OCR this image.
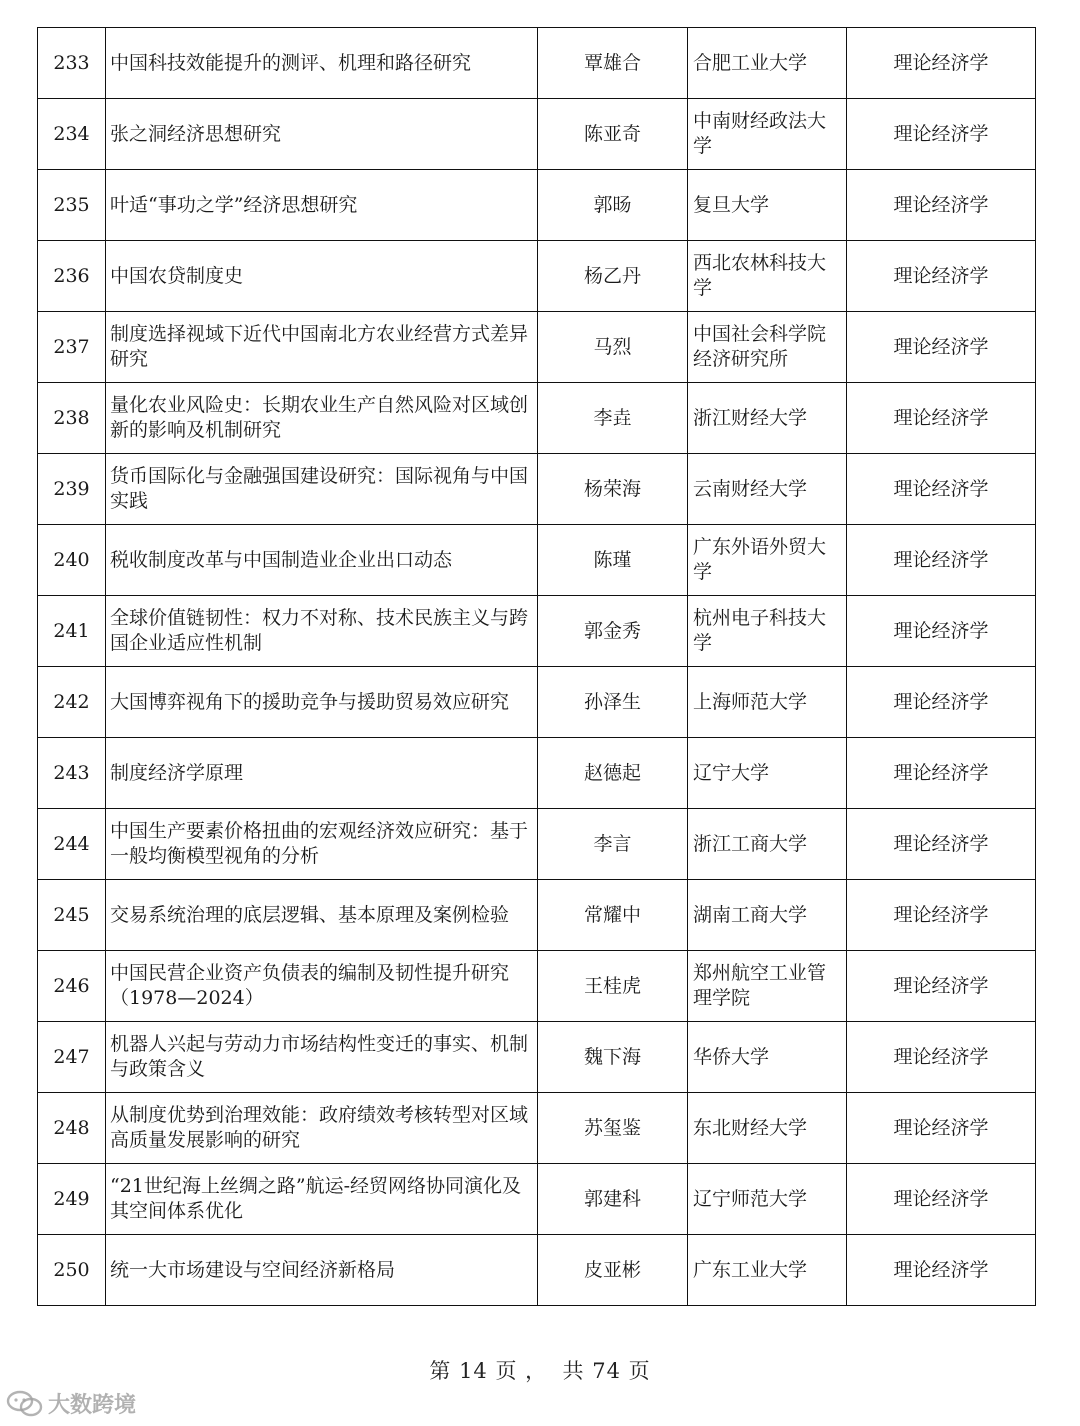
233	中国科技效能提升的测评、机理和路径研究	覃雄合	合肥工业大学	理论经济学
234	张之洞经济思想研究	陈亚奇	中南财经政法大学	理论经济学
235	叶适“事功之学”经济思想研究	郭旸	复旦大学	理论经济学
236	中国农贷制度史	杨乙丹	西北农林科技大学	理论经济学
237	制度选择视域下近代中国南北方农业经营方式差异研究	马烈	中国社会科学院经济研究所	理论经济学
238	量化农业风险史：长期农业生产自然风险对区域创新的影响及机制研究	李垚	浙江财经大学	理论经济学
239	货币国际化与金融强国建设研究：国际视角与中国实践	杨荣海	云南财经大学	理论经济学
240	税收制度改革与中国制造业企业出口动态	陈瑾	广东外语外贸大学	理论经济学
241	全球价值链韧性：权力不对称、技术民族主义与跨国企业适应性机制	郭金秀	杭州电子科技大学	理论经济学
242	大国博弈视角下的援助竞争与援助贸易效应研究	孙泽生	上海师范大学	理论经济学
243	制度经济学原理	赵德起	辽宁大学	理论经济学
244	中国生产要素价格扭曲的宏观经济效应研究：基于一般均衡模型视角的分析	李言	浙江工商大学	理论经济学
245	交易系统治理的底层逻辑、基本原理及案例检验	常耀中	湖南工商大学	理论经济学
246	中国民营企业资产负债表的编制及韧性提升研究（1978—2024）	王桂虎	郑州航空工业管理学院	理论经济学
247	机器人兴起与劳动力市场结构性变迁的事实、机制与政策含义	魏下海	华侨大学	理论经济学
248	从制度优势到治理效能：政府绩效考核转型对区域高质量发展影响的研究	苏玺鉴	东北财经大学	理论经济学
249	“21世纪海上丝绸之路”航运-经贸网络协同演化及其空间体系优化	郭建科	辽宁师范大学	理论经济学
250	统一大市场建设与空间经济新格局	皮亚彬	广东工业大学	理论经济学
第 14 页 ，  共 74 页
大数跨境
